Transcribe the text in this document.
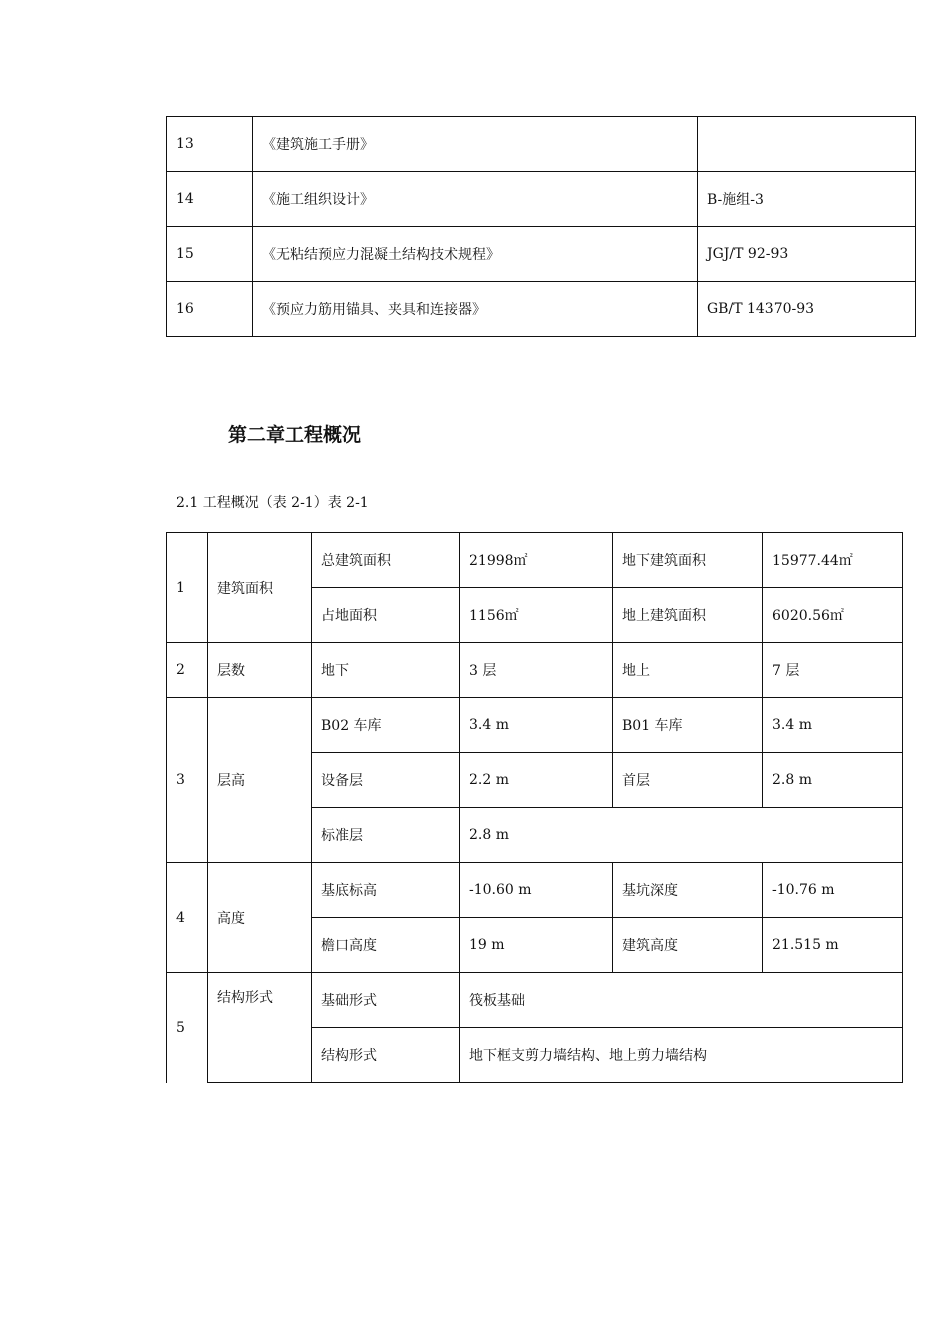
13	《建筑施工手册》	
14	《施工组织设计》	B-施组-3
15	《无粘结预应力混凝土结构技术规程》	JGJ/T 92-93
16	《预应力筋用锚具、夹具和连接器》	GB/T 14370-93
第二章工程概况
2.1 工程概况（表 2-1）表 2-1
1	建筑面积	总建筑面积	21998㎡	地下建筑面积	15977.44㎡
		占地面积	1156㎡	地上建筑面积	6020.56㎡
2	层数	地下	3 层	地上	7 层
3	层高	B02 车库	3.4 m	B01 车库	3.4 m
		设备层	2.2 m	首层	2.8 m
		标准层	2.8 m		
4	高度	基底标高	-10.60 m	基坑深度	-10.76 m
		檐口高度	19 m	建筑高度	21.515 m
5	结构形式	基础形式	筏板基础		
		结构形式	地下框支剪力墙结构、地上剪力墙结构		
